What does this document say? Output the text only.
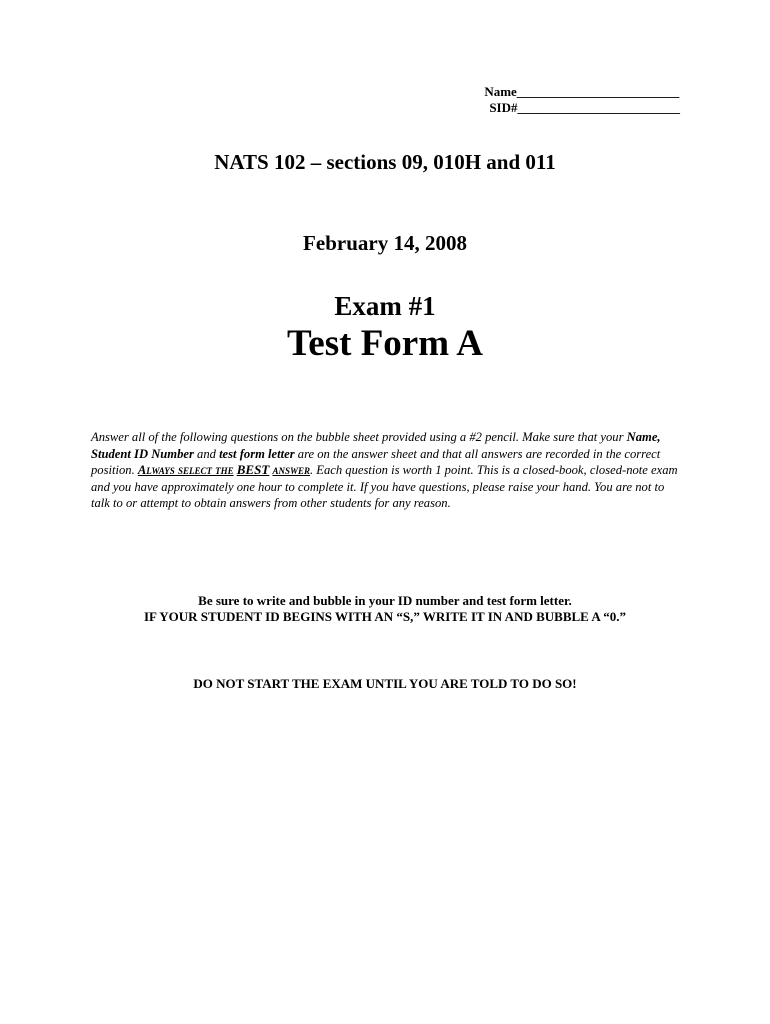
Name_________________________
SID#_________________________
NATS 102 – sections 09, 010H and 011
February 14, 2008
Exam #1
Test Form A
Answer all of the following questions on the bubble sheet provided using a #2 pencil. Make sure that your Name, Student ID Number and test form letter are on the answer sheet and that all answers are recorded in the correct position. Always select the BEST answer. Each question is worth 1 point. This is a closed-book, closed-note exam and you have approximately one hour to complete it. If you have questions, please raise your hand. You are not to talk to or attempt to obtain answers from other students for any reason.
Be sure to write and bubble in your ID number and test form letter.
IF YOUR STUDENT ID BEGINS WITH AN “S,” WRITE IT IN AND BUBBLE A “0.”
DO NOT START THE EXAM UNTIL YOU ARE TOLD TO DO SO!
